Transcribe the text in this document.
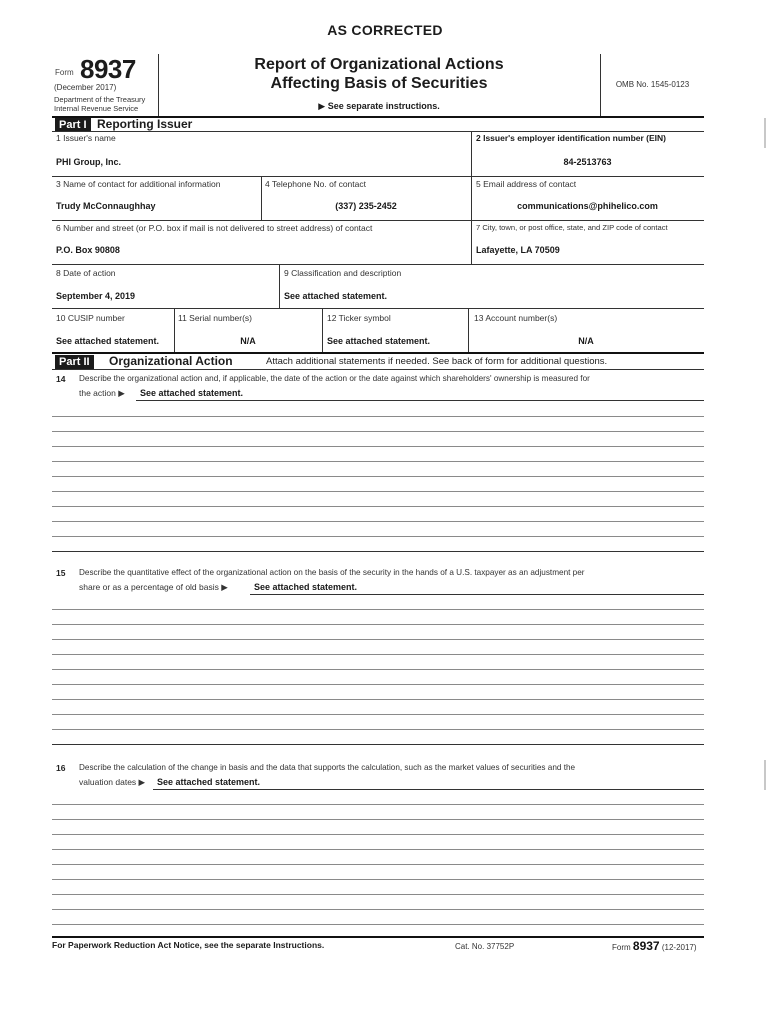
AS CORRECTED
Form 8937
(December 2017)
Department of the Treasury
Internal Revenue Service
Report of Organizational Actions
Affecting Basis of Securities
▶ See separate instructions.
OMB No. 1545-0123
Part I Reporting Issuer
1 Issuer's name	2 Issuer's employer identification number (EIN)
PHI Group, Inc.	84-2513763
3 Name of contact for additional information	4 Telephone No. of contact	5 Email address of contact
Trudy McConnaughhay	(337) 235-2452	communications@phihelico.com
6 Number and street (or P.O. box if mail is not delivered to street address) of contact	7 City, town, or post office, state, and ZIP code of contact
P.O. Box 90808	Lafayette, LA 70509
8 Date of action	9 Classification and description
September 4, 2019	See attached statement.
10 CUSIP number	11 Serial number(s)	12 Ticker symbol	13 Account number(s)
See attached statement.	N/A	See attached statement.	N/A
Part II	Organizational Action	Attach additional statements if needed. See back of form for additional questions.
14 Describe the organizational action and, if applicable, the date of the action or the date against which shareholders' ownership is measured for
the action ▶ See attached statement.
15 Describe the quantitative effect of the organizational action on the basis of the security in the hands of a U.S. taxpayer as an adjustment per
share or as a percentage of old basis ▶	See attached statement.
16 Describe the calculation of the change in basis and the data that supports the calculation, such as the market values of securities and the
valuation dates ▶ See attached statement.
For Paperwork Reduction Act Notice, see the separate Instructions.	Cat. No. 37752P	Form 8937 (12-2017)
